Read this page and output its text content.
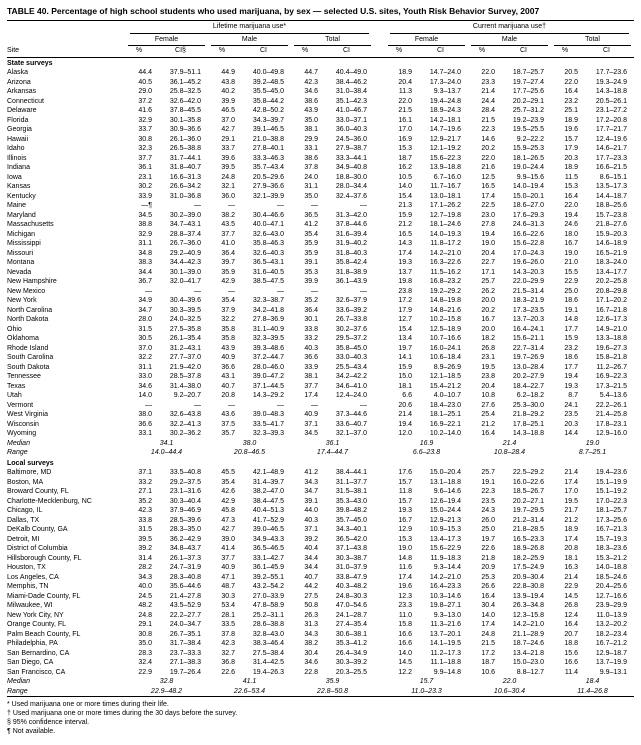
TABLE 40. Percentage of high school students who used marijuana, by sex — selected U.S. sites, Youth Risk Behavior Survey, 2007

	Lifetime marijuana use*							Current marijuana use†					

	Female		Male		Total			Female		Male		Total	

Site	%	CI§	%	CI	%	CI		%	CI	%	CI	%	CI
State surveys													
Alaska	44.4	37.9–51.1	44.9	40.0–49.8	44.7	40.4–49.0		18.9	14.7–24.0	22.0	18.7–25.7	20.5	17.7–23.6
Arizona	40.5	36.1–45.2	43.8	39.2–48.5	42.3	38.4–46.2		20.4	17.3–24.0	23.3	19.7–27.4	22.0	19.3–24.9
Arkansas	29.0	25.8–32.5	40.2	35.5–45.0	34.6	31.0–38.4		11.3	9.3–13.7	21.4	17.7–25.6	16.4	14.3–18.8
Connecticut	37.2	32.6–42.0	39.9	35.8–44.2	38.6	35.1–42.3		22.0	19.4–24.8	24.4	20.2–29.1	23.2	20.5–26.1
Delaware	41.6	37.8–45.5	46.5	42.8–50.2	43.9	41.0–46.7		21.5	18.9–24.3	28.4	25.7–31.2	25.1	23.1–27.2
Florida	32.9	30.1–35.8	37.0	34.3–39.7	35.0	33.0–37.1		16.1	14.2–18.1	21.5	19.2–23.9	18.9	17.2–20.8
Georgia	33.7	30.9–36.6	42.7	39.1–46.5	38.1	36.0–40.3		17.0	14.7–19.6	22.3	19.5–25.5	19.6	17.7–21.7
Hawaii	30.8	26.1–36.0	29.1	21.0–38.8	29.9	24.5–36.0		16.9	12.9–21.7	14.6	9.2–22.2	15.7	12.4–19.6
Idaho	32.3	26.5–38.8	33.7	27.8–40.1	33.1	27.9–38.7		15.3	12.1–19.2	20.2	15.9–25.3	17.9	14.6–21.7
Illinois	37.7	31.7–44.1	39.6	33.3–46.3	38.6	33.3–44.1		18.7	15.6–22.3	22.0	18.1–26.5	20.3	17.7–23.3
Indiana	36.1	31.8–40.7	39.5	35.7–43.4	37.8	34.9–40.8		16.2	13.9–18.8	21.6	19.0–24.4	18.9	16.6–21.5
Iowa	23.1	16.6–31.3	24.8	20.5–29.6	24.0	18.8–30.0		10.5	6.7–16.0	12.5	9.9–15.6	11.5	8.6–15.1
Kansas	30.2	26.6–34.2	32.1	27.9–36.6	31.1	28.0–34.4		14.0	11.7–16.7	16.5	14.0–19.4	15.3	13.5–17.3
Kentucky	33.9	31.0–36.8	36.0	32.1–39.9	35.0	32.4–37.6		15.4	13.0–18.1	17.4	15.0–20.1	16.4	14.4–18.7
Maine	—¶	—	—	—	—	—		21.3	17.1–26.2	22.5	18.6–27.0	22.0	18.8–25.6
Maryland	34.5	30.2–39.0	38.2	30.4–46.6	36.5	31.3–42.0		15.9	12.7–19.8	23.0	17.6–29.3	19.4	15.7–23.8
Massachusetts	38.8	34.7–43.1	43.5	40.0–47.1	41.2	37.8–44.6		21.2	18.1–24.6	27.8	24.6–31.3	24.6	21.8–27.6
Michigan	32.9	28.8–37.4	37.7	32.6–43.0	35.4	31.6–39.4		16.5	14.0–19.3	19.4	16.6–22.6	18.0	15.9–20.3
Mississippi	31.1	26.7–36.0	41.0	35.8–46.3	35.9	31.9–40.2		14.3	11.8–17.2	19.0	15.6–22.8	16.7	14.6–18.9
Missouri	34.8	29.2–40.9	36.4	32.6–40.3	35.9	31.8–40.3		17.4	14.2–21.0	20.4	17.0–24.3	19.0	16.5–21.9
Montana	38.3	34.4–42.3	39.7	36.5–43.1	39.1	35.8–42.4		19.3	16.3–22.6	22.7	19.6–26.0	21.0	18.3–24.0
Nevada	34.4	30.1–39.0	35.9	31.6–40.5	35.3	31.8–38.9		13.7	11.5–16.2	17.1	14.3–20.3	15.5	13.4–17.7
New Hampshire	36.7	32.0–41.7	42.9	38.5–47.5	39.9	36.1–43.9		19.8	16.8–23.2	25.7	22.0–29.9	22.9	20.2–25.8
New Mexico	—	—	—	—	—	—		23.8	19.2–29.2	26.2	21.5–31.4	25.0	20.8–29.8
New York	34.9	30.4–39.6	35.4	32.3–38.7	35.2	32.6–37.9		17.2	14.8–19.8	20.0	18.3–21.9	18.6	17.1–20.2
North Carolina	34.7	30.3–39.5	37.9	34.2–41.8	36.4	33.6–39.2		17.9	14.8–21.6	20.2	17.3–23.5	19.1	16.7–21.8
North Dakota	28.0	24.0–32.5	32.2	27.8–36.9	30.1	26.7–33.8		12.7	10.2–15.8	16.7	13.7–20.3	14.8	12.6–17.3
Ohio	31.5	27.5–35.8	35.8	31.1–40.9	33.8	30.2–37.6		15.4	12.5–18.9	20.0	16.4–24.1	17.7	14.9–21.0
Oklahoma	30.5	26.1–35.4	35.8	32.3–39.5	33.2	29.5–37.2		13.4	10.7–16.6	18.2	15.6–21.1	15.9	13.3–18.8
Rhode Island	37.0	31.2–43.1	43.9	39.3–48.6	40.3	35.8–45.0		19.7	16.0–24.1	26.8	22.7–31.4	23.2	19.6–27.3
South Carolina	32.2	27.7–37.0	40.9	37.2–44.7	36.6	33.0–40.3		14.1	10.6–18.4	23.1	19.7–26.9	18.6	15.8–21.8
South Dakota	31.1	21.9–42.0	36.6	28.0–46.0	33.9	25.5–43.4		15.9	8.9–26.9	19.5	13.0–28.4	17.7	11.2–26.7
Tennessee	33.0	28.5–37.8	43.1	39.0–47.2	38.1	34.2–42.2		15.0	12.1–18.5	23.8	20.2–27.9	19.4	16.9–22.3
Texas	34.6	31.4–38.0	40.7	37.1–44.5	37.7	34.6–41.0		18.1	15.4–21.2	20.4	18.4–22.7	19.3	17.3–21.5
Utah	14.0	9.2–20.7	20.8	14.3–29.2	17.4	12.4–24.0		6.6	4.0–10.7	10.8	6.2–18.2	8.7	5.4–13.6
Vermont	—	—	—	—	—	—		20.6	18.4–23.0	27.6	25.3–30.0	24.1	22.2–26.1
West Virginia	38.0	32.6–43.8	43.6	39.0–48.3	40.9	37.3–44.6		21.4	18.1–25.1	25.4	21.8–29.2	23.5	21.4–25.8
Wisconsin	36.6	32.2–41.3	37.5	33.5–41.7	37.1	33.6–40.7		19.4	16.9–22.1	21.2	17.8–25.1	20.3	17.8–23.1
Wyoming	33.1	30.2–36.2	35.7	32.3–39.3	34.5	32.1–37.0		12.0	10.2–14.0	16.4	14.3–18.8	14.4	12.9–16.0
Median	34.1		38.0		36.1			16.9		21.4		19.0	
Range	14.0–44.4		20.8–46.5		17.4–44.7			6.6–23.8		10.8–28.4		8.7–25.1	
Local surveys													
Baltimore, MD	37.1	33.5–40.8	45.5	42.1–48.9	41.2	38.4–44.1		17.6	15.0–20.4	25.7	22.5–29.2	21.4	19.4–23.6
Boston, MA	33.2	29.2–37.5	35.4	31.4–39.7	34.3	31.1–37.7		15.7	13.1–18.8	19.1	16.0–22.6	17.4	15.1–19.9
Broward County, FL	27.1	23.1–31.6	42.6	38.2–47.0	34.7	31.5–38.1		11.8	9.6–14.6	22.3	18.5–26.7	17.0	15.1–19.2
Charlotte-Mecklenburg, NC	35.2	30.3–40.4	42.9	38.4–47.5	39.1	35.3–43.0		15.7	12.6–19.4	23.5	20.2–27.1	19.5	17.0–22.3
Chicago, IL	42.3	37.9–46.9	45.8	40.4–51.3	44.0	39.8–48.2		19.3	15.0–24.4	24.3	19.7–29.5	21.7	18.1–25.7
Dallas, TX	33.8	28.5–39.6	47.3	41.7–52.9	40.3	35.7–45.0		16.7	12.9–21.3	26.0	21.2–31.4	21.2	17.3–25.6
DeKalb County, GA	31.5	28.3–35.0	42.7	39.0–46.5	37.1	34.3–40.1		12.9	10.9–15.3	25.0	21.8–28.5	18.9	16.7–21.3
Detroit, MI	39.5	36.2–42.9	39.0	34.9–43.3	39.2	36.5–42.0		15.3	13.4–17.3	19.7	16.5–23.3	17.4	15.7–19.3
District of Columbia	39.2	34.8–43.7	41.4	36.5–46.5	40.4	37.1–43.8		19.0	15.6–22.9	22.6	18.9–26.8	20.8	18.3–23.6
Hillsborough County, FL	31.4	26.1–37.3	37.7	33.1–42.7	34.4	30.3–38.7		14.8	11.9–18.3	21.8	18.2–25.9	18.1	15.3–21.2
Houston, TX	28.2	24.7–31.9	40.9	36.1–45.9	34.4	31.0–37.9		11.6	9.3–14.4	20.9	17.5–24.9	16.3	14.0–18.8
Los Angeles, CA	34.3	28.3–40.8	47.1	39.2–55.1	40.7	33.8–47.9		17.4	14.2–21.0	25.3	20.9–30.4	21.4	18.5–24.6
Memphis, TN	40.0	35.6–44.6	48.7	43.2–54.2	44.2	40.3–48.2		19.6	16.4–23.3	26.6	22.8–30.8	22.9	20.4–25.6
Miami-Dade County, FL	24.5	21.4–27.8	30.3	27.0–33.9	27.5	24.8–30.3		12.3	10.3–14.6	16.4	13.9–19.4	14.5	12.7–16.6
Milwaukee, WI	48.2	43.5–52.9	53.4	47.8–58.9	50.8	47.0–54.6		23.3	19.8–27.1	30.4	26.3–34.8	26.8	23.9–29.9
New York City, NY	24.8	22.2–27.7	28.1	25.2–31.1	26.3	24.1–28.7		11.0	9.3–13.0	14.0	12.3–15.8	12.4	11.0–13.9
Orange County, FL	29.1	24.0–34.7	33.5	28.6–38.8	31.3	27.4–35.4		15.8	11.3–21.6	17.4	14.2–21.0	16.4	13.2–20.2
Palm Beach County, FL	30.8	26.7–35.1	37.8	32.8–43.0	34.3	30.6–38.1		16.6	13.7–20.1	24.8	21.1–28.9	20.7	18.2–23.4
Philadelphia, PA	35.0	31.7–38.4	42.3	38.3–46.4	38.2	35.3–41.2		16.6	14.1–19.5	21.5	18.7–24.6	18.8	16.7–21.2
San Bernardino, CA	28.3	23.7–33.3	32.7	27.5–38.4	30.4	26.4–34.9		14.0	11.2–17.3	17.2	13.4–21.8	15.6	12.9–18.7
San Diego, CA	32.4	27.1–38.3	36.8	31.4–42.5	34.6	30.3–39.2		14.5	11.1–18.8	18.7	15.0–23.0	16.6	13.7–19.9
San Francisco, CA	22.9	19.7–26.4	22.6	19.4–26.3	22.8	20.3–25.5		12.2	9.9–14.8	10.6	8.8–12.7	11.4	9.9–13.1
Median	32.8		41.1		35.9			15.7		22.0		18.4	
Range	22.9–48.2		22.6–53.4		22.8–50.8			11.0–23.3		10.6–30.4		11.4–26.8	
* Used marijuana one or more times during their life.
† Used marijuana one or more times during the 30 days before the survey.
§ 95% confidence interval.
¶ Not available.
